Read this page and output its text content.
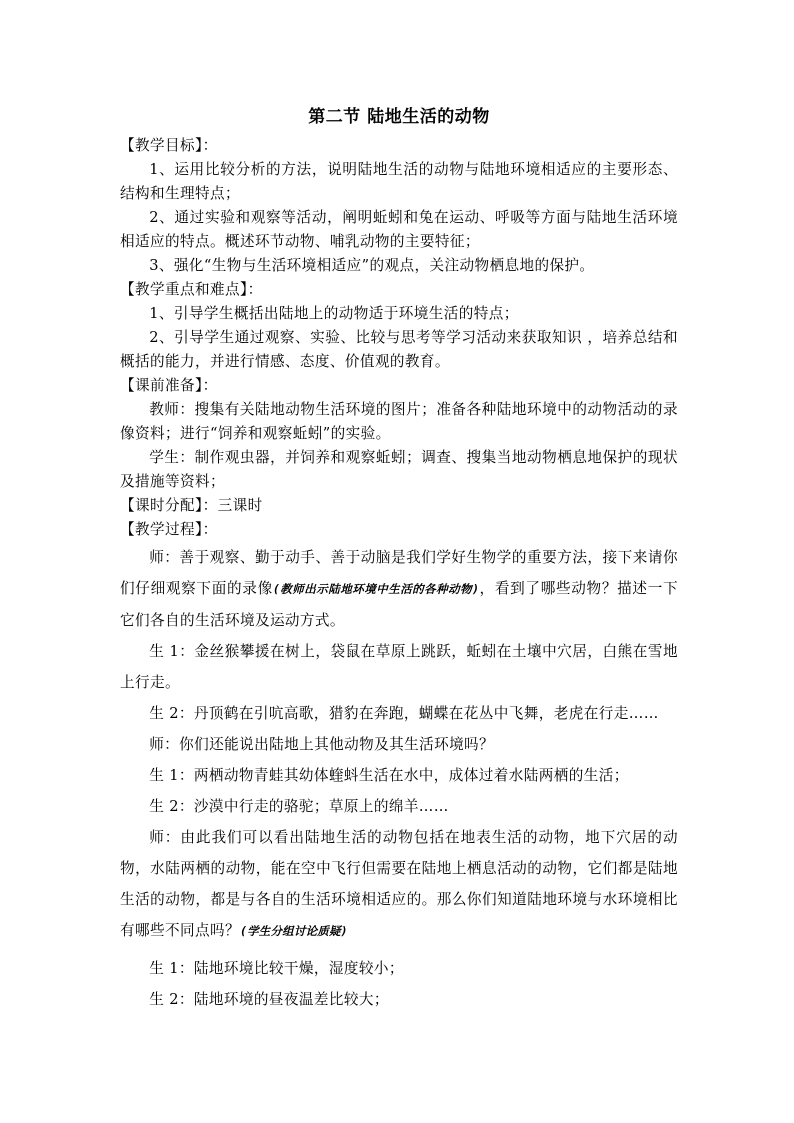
第二节 陆地生活的动物
【教学目标】：
1、运用比较分析的方法，说明陆地生活的动物与陆地环境相适应的主要形态、结构和生理特点；
2、通过实验和观察等活动，阐明蚯蚓和兔在运动、呼吸等方面与陆地生活环境相适应的特点。概述环节动物、哺乳动物的主要特征；
3、强化“生物与生活环境相适应”的观点，关注动物栖息地的保护。
【教学重点和难点】：
1、引导学生概括出陆地上的动物适于环境生活的特点；
2、引导学生通过观察、实验、比较与思考等学习活动来获取知识 ，培养总结和概括的能力，并进行情感、态度、价值观的教育。
【课前准备】：
教师：搜集有关陆地动物生活环境的图片；准备各种陆地环境中的动物活动的录像资料；进行“饲养和观察蚯蚓”的实验。
学生：制作观虫器，并饲养和观察蚯蚓；调查、搜集当地动物栖息地保护的现状及措施等资料；
【课时分配】：三课时
【教学过程】：
师：善于观察、勤于动手、善于动脑是我们学好生物学的重要方法，接下来请你们仔细观察下面的录像(教师出示陆地环境中生活的各种动物)，看到了哪些动物？描述一下它们各自的生活环境及运动方式。
生 1：金丝猴攀援在树上，袋鼠在草原上跳跃，蚯蚓在土壤中穴居，白熊在雪地上行走。
生 2：丹顶鹤在引吭高歌，猎豹在奔跑，蝴蝶在花丛中飞舞，老虎在行走……
师：你们还能说出陆地上其他动物及其生活环境吗？
生 1：两栖动物青蛙其幼体蝰蚪生活在水中，成体过着水陆两栖的生活；
生 2：沙漠中行走的骆驼；草原上的绵羊……
师：由此我们可以看出陆地生活的动物包括在地表生活的动物，地下穴居的动物，水陆两栖的动物，能在空中飞行但需要在陆地上栖息活动的动物，它们都是陆地生活的动物，都是与各自的生活环境相适应的。那么你们知道陆地环境与水环境相比有哪些不同点吗？(学生分组讨论质疑)
生 1：陆地环境比较干燥，湿度较小；
生 2：陆地环境的昼夜温差比较大；
